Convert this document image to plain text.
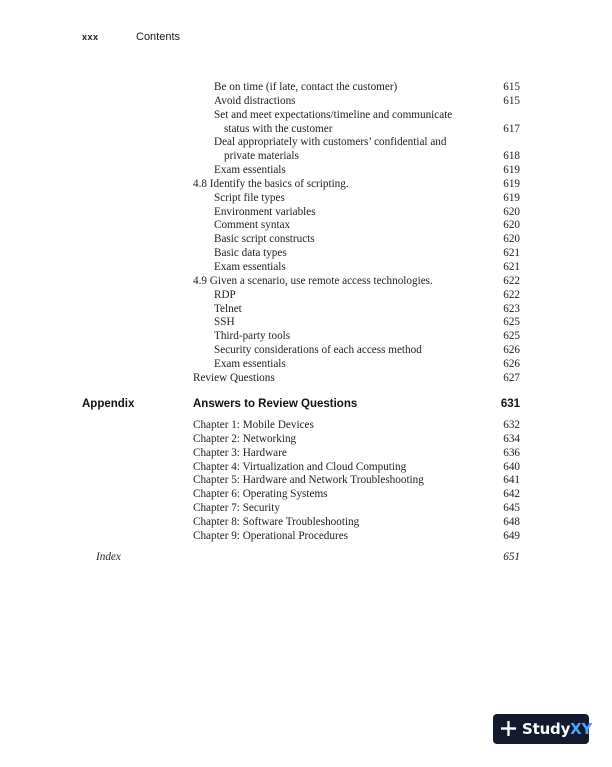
xxx	Contents
Be on time (if late, contact the customer)	615
Avoid distractions	615
Set and meet expectations/timeline and communicate
status with the customer	617
Deal appropriately with customers’ confidential and
private materials	618
Exam essentials	619
4.8 Identify the basics of scripting.	619
Script file types	619
Environment variables	620
Comment syntax	620
Basic script constructs	620
Basic data types	621
Exam essentials	621
4.9 Given a scenario, use remote access technologies.	622
RDP	622
Telnet	623
SSH	625
Third-party tools	625
Security considerations of each access method	626
Exam essentials	626
Review Questions	627
Appendix	Answers to Review Questions	631
Chapter 1: Mobile Devices	632
Chapter 2: Networking	634
Chapter 3: Hardware	636
Chapter 4: Virtualization and Cloud Computing	640
Chapter 5: Hardware and Network Troubleshooting	641
Chapter 6: Operating Systems	642
Chapter 7: Security	645
Chapter 8: Software Troubleshooting	648
Chapter 9: Operational Procedures	649
Index	651
StudyXY
